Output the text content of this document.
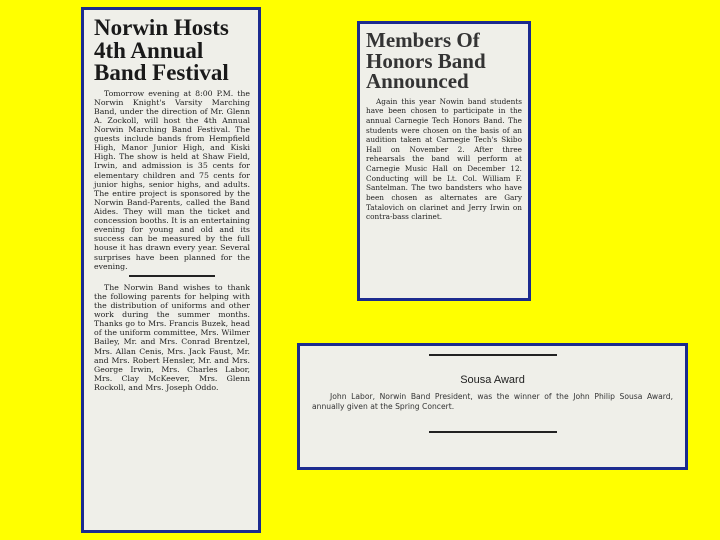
Norwin Hosts
4th Annual
Band Festival

Tomorrow evening at 8:00 P.M. the Norwin Knight's Varsity Marching Band, under the direction of Mr. Glenn A. Zockoll, will host the 4th Annual Norwin Marching Band Festival. The guests include bands from Hempfield High, Manor Junior High, and Kiski High. The show is held at Shaw Field, Irwin, and admission is 35 cents for elementary children and 75 cents for junior highs, senior highs, and adults. The entire project is sponsored by the Norwin Band-Parents, called the Band Aides. They will man the ticket and concession booths. It is an entertaining evening for young and old and its success can be measured by the full house it has drawn every year. Several surprises have been planned for the evening.

The Norwin Band wishes to thank the following parents for helping with the distribution of uniforms and other work during the summer months. Thanks go to Mrs. Francis Buzek, head of the uniform committee, Mrs. Wilmer Bailey, Mr. and Mrs. Conrad Brentzel, Mrs. Allan Cenis, Mrs. Jack Faust, Mr. and Mrs. Robert Hensler, Mr. and Mrs. George Irwin, Mrs. Charles Labor, Mrs. Clay McKeever, Mrs. Glenn Rockoll, and Mrs. Joseph Oddo.

Members Of
Honors Band
Announced

Again this year Nowin band students have been chosen to participate in the annual Carnegie Tech Honors Band. The students were chosen on the basis of an audition taken at Carnegie Tech's Skibo Hall on November 2. After three rehearsals the band will perform at Carnegie Music Hall on December 12. Conducting will be Lt. Col. William F. Santelman. The two bandsters who have been chosen as alternates are Gary Tatalovich on clarinet and Jerry Irwin on contra-bass clarinet.

Sousa Award

John Labor, Norwin Band President, was the winner of the John Philip Sousa Award, annually given at the Spring Concert.
